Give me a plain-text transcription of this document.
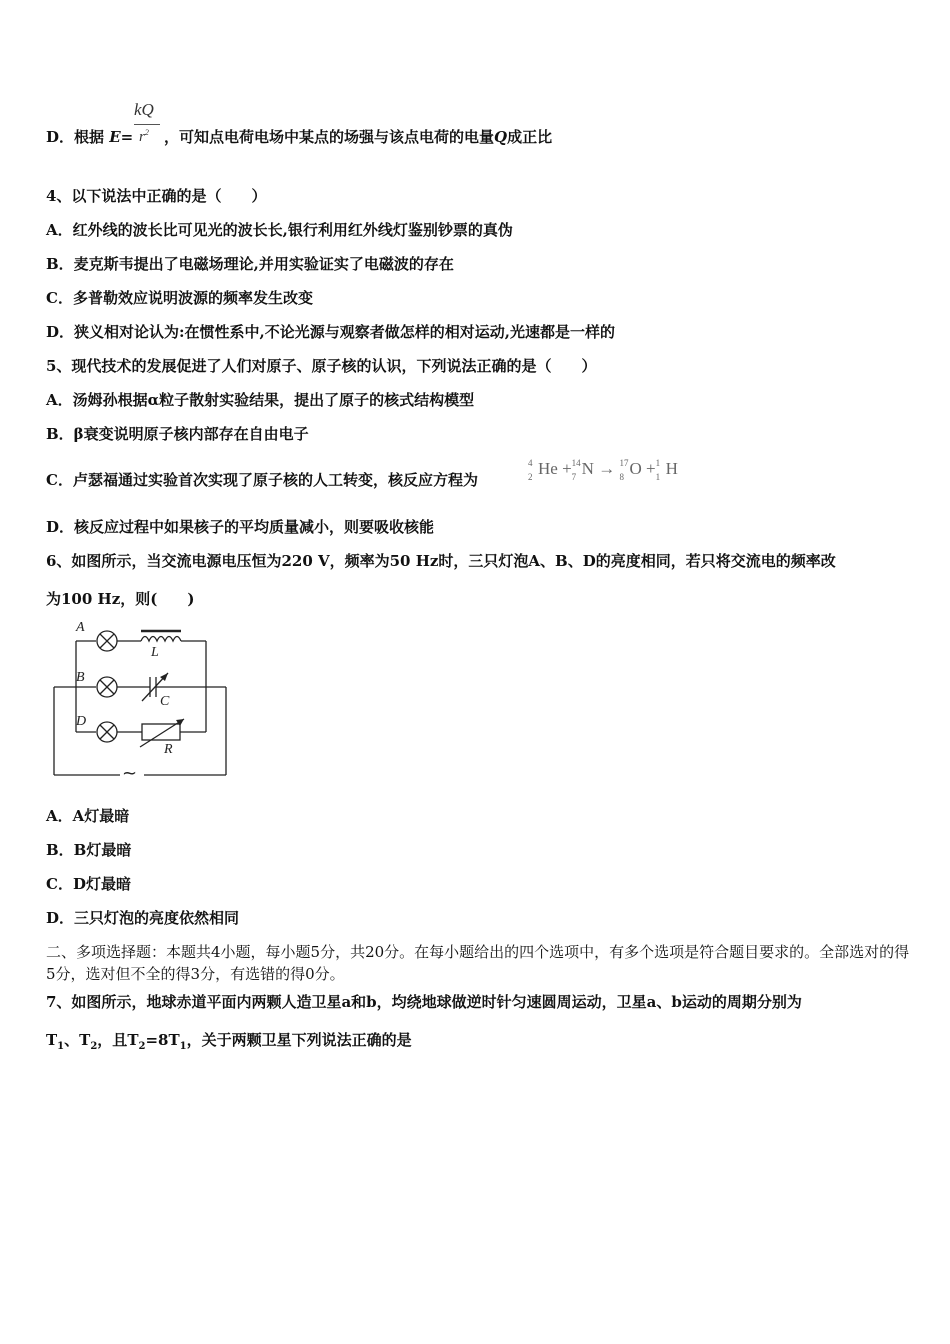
D．根据 E=
kQ
$r^2$ ，可知点电荷电场中某点的场强与该点电荷的电量Q成正比
4、以下说法中正确的是（　　）
A．红外线的波长比可见光的波长长,银行利用红外线灯鉴别钞票的真伪
B．麦克斯韦提出了电磁场理论,并用实验证实了电磁波的存在
C．多普勒效应说明波源的频率发生改变
D．狭义相对论认为:在惯性系中,不论光源与观察者做怎样的相对运动,光速都是一样的
5、现代技术的发展促进了人们对原子、原子核的认识，下列说法正确的是（　　）
A．汤姆孙根据α粒子散射实验结果，提出了原子的核式结构模型
B．β衰变说明原子核内部存在自由电子
C．卢瑟福通过实验首次实现了原子核的人工转变，核反应方程为
4
2 He + 14
7 N → 17
8 O + 1
1 H
D．核反应过程中如果核子的平均质量减小，则要吸收核能
6、如图所示，当交流电源电压恒为220 V，频率为50 Hz时，三只灯泡A、B、D的亮度相同，若只将交流电的频率改
为100 Hz，则(　　)
A
B
D
L
C
R
~
A．A灯最暗
B．B灯最暗
C．D灯最暗
D．三只灯泡的亮度依然相同
二、多项选择题：本题共4小题，每小题5分，共20分。在每小题给出的四个选项中，有多个选项是符合题目要求的。全部选对的得5分，选对但不全的得3分，有选错的得0分。
7、如图所示，地球赤道平面内两颗人造卫星a和b，均绕地球做逆时针匀速圆周运动，卫星a、b运动的周期分别为
$T_1$、$T_2$，且$T_2=8T_1$，关于两颗卫星下列说法正确的是
